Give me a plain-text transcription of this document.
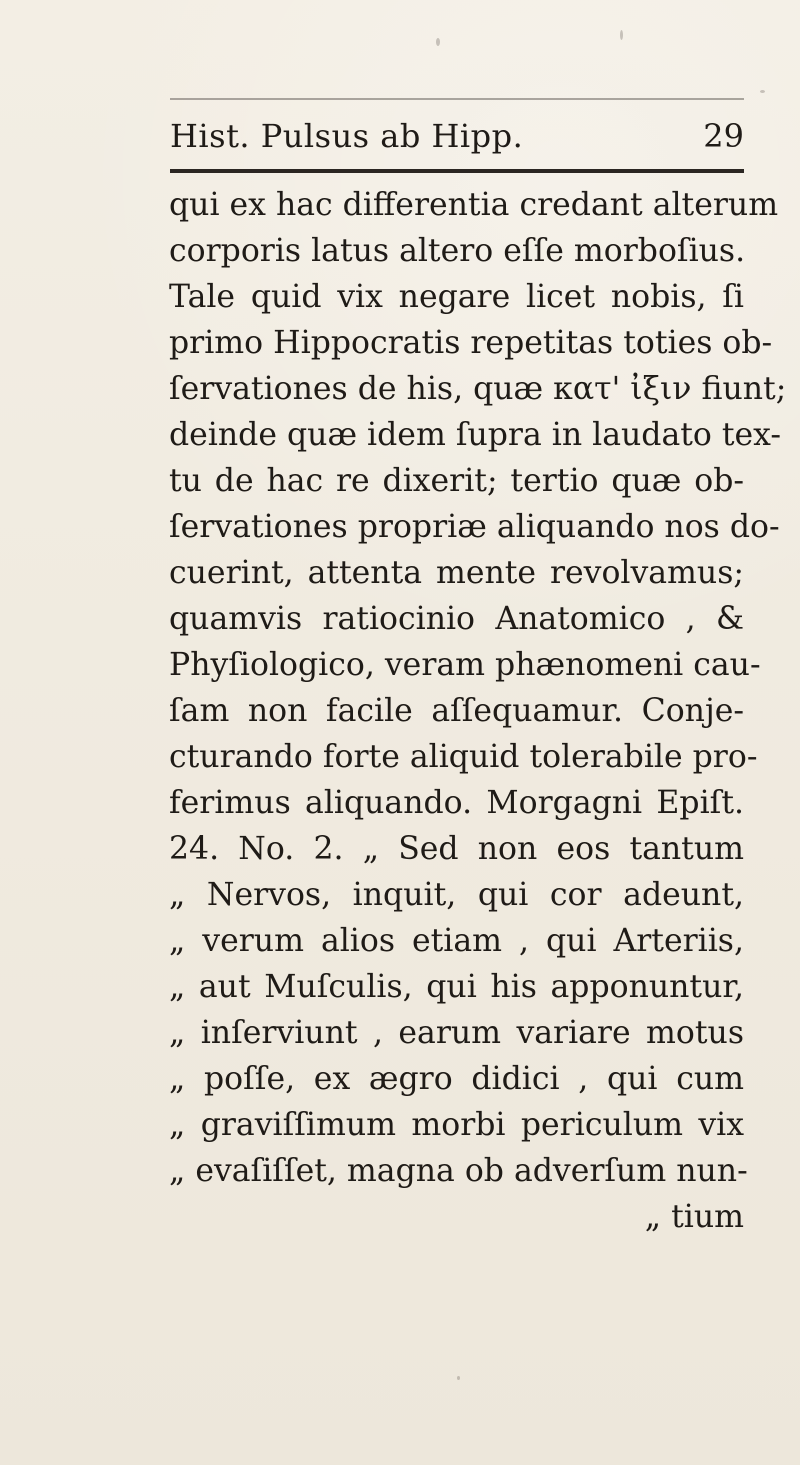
Hist. Pulsus ab Hipp.	29
qui ex hac differentia credant alterum
corporis latus altero eſſe morboſius.
Tale quid vix negare licet nobis, ſi
primo Hippocratis repetitas toties ob-
ſervationes de his, quæ κατ' ἰξιν fiunt;
deinde quæ idem ſupra in laudato tex-
tu de hac re dixerit; tertio quæ ob-
ſervationes propriæ aliquando nos do-
cuerint, attenta mente revolvamus;
quamvis ratiocinio Anatomico , &
Phyſiologico, veram phænomeni cau-
ſam non facile aſſequamur. Conje-
cturando forte aliquid tolerabile pro-
ferimus aliquando. Morgagni Epiſt.
24. No. 2. „ Sed non eos tantum
„ Nervos, inquit, qui cor adeunt,
„ verum alios etiam , qui Arteriis,
„ aut Muſculis, qui his apponuntur,
„ inſerviunt , earum variare motus
„ poſſe, ex ægro didici , qui cum
„ graviſſimum morbi periculum vix
„ evaſiſſet, magna ob adverſum nun-
„ tium
